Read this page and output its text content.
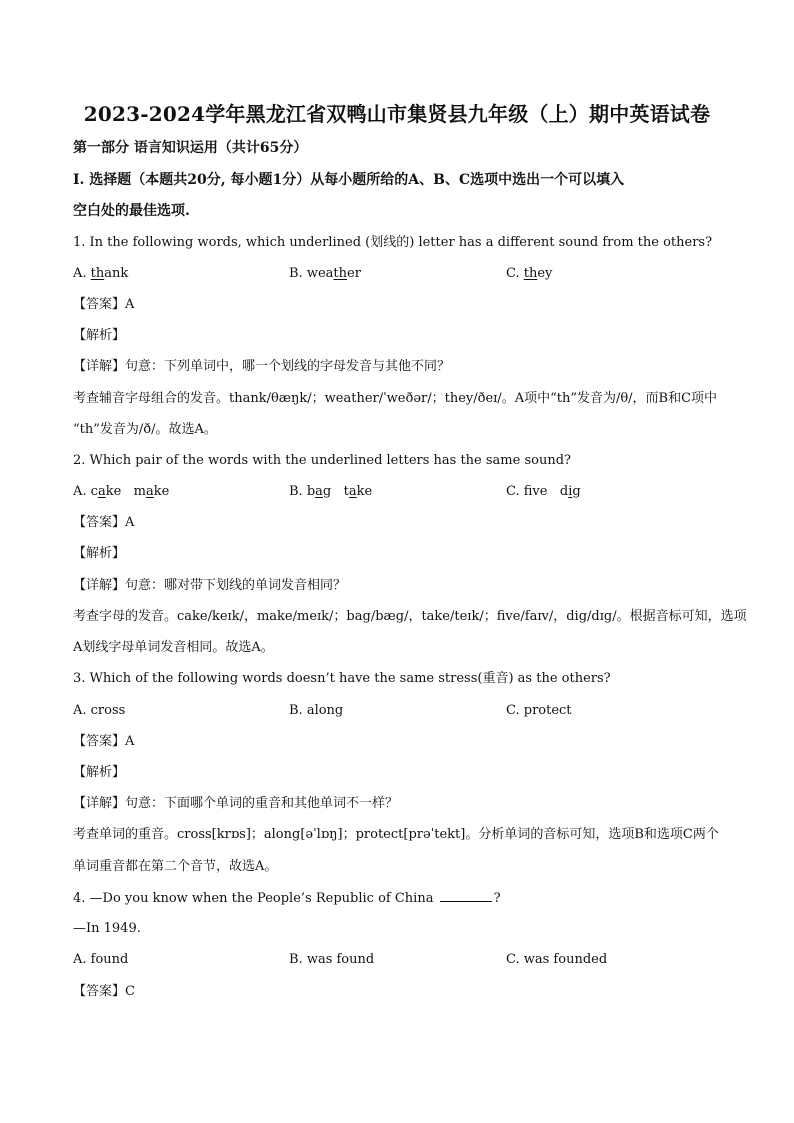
2023-2024学年黑龙江省双鸭山市集贤县九年级（上）期中英语试卷
第一部分 语言知识运用（共计65分）
Ⅰ. 选择题（本题共20分, 每小题1分）从每小题所给的A、B、C选项中选出一个可以填入
空白处的最佳选项.
1. In the following words, which underlined (划线的) letter has a different sound from the others?
A. thank	B. weather	C. they
【答案】A
【解析】
【详解】句意：下列单词中，哪一个划线的字母发音与其他不同？
考查辅音字母组合的发音。thank/θæŋk/；weather/ˈweðər/；they/ðeɪ/。A项中“th”发音为/θ/，而B和C项中
“th”发音为/ð/。故选A。
2. Which pair of the words with the underlined letters has the same sound?
A. cake   make	B. bag   take	C. fve   dig
【答案】A
【解析】
【详解】句意：哪对带下划线的单词发音相同？
考查字母的发音。cake/keɪk/，make/meɪk/；bag/bæg/，take/teɪk/；five/faɪv/，dig/dɪg/。根据音标可知，选项
A划线字母单词发音相同。故选A。
3. Which of the following words doesn’t have the same stress(重音) as the others?
A. cross	B. along	C. protect
【答案】A
【解析】
【详解】句意：下面哪个单词的重音和其他单词不一样？
考查单词的重音。cross[krɒs]；along[əˈlɒŋ]；protect[prəˈtekt]。分析单词的音标可知，选项B和选项C两个
单词重音都在第二个音节，故选A。
4. —Do you know when the People’s Republic of China	?
—In 1949.
A. found	B. was found	C. was founded
【答案】C
